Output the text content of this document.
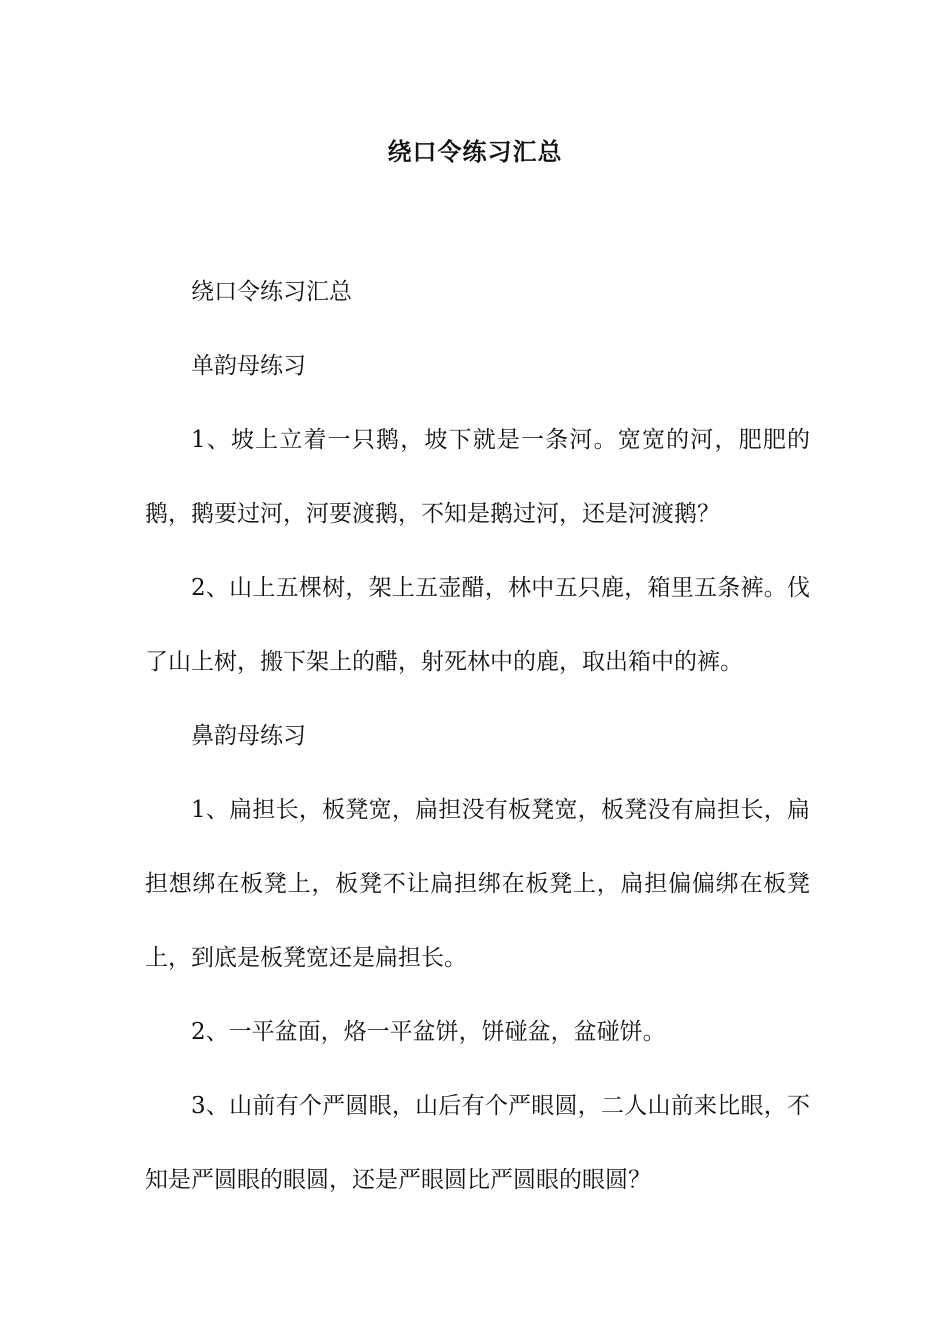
绕口令练习汇总

绕口令练习汇总

单韵母练习

1、坡上立着一只鹅，坡下就是一条河。宽宽的河，肥肥的鹅，鹅要过河，河要渡鹅，不知是鹅过河，还是河渡鹅？

2、山上五棵树，架上五壶醋，林中五只鹿，箱里五条裤。伐了山上树，搬下架上的醋，射死林中的鹿，取出箱中的裤。

鼻韵母练习

1、扁担长，板凳宽，扁担没有板凳宽，板凳没有扁担长，扁担想绑在板凳上，板凳不让扁担绑在板凳上，扁担偏偏绑在板凳上，到底是板凳宽还是扁担长。

2、一平盆面，烙一平盆饼，饼碰盆，盆碰饼。

3、山前有个严圆眼，山后有个严眼圆，二人山前来比眼，不知是严圆眼的眼圆，还是严眼圆比严圆眼的眼圆？
